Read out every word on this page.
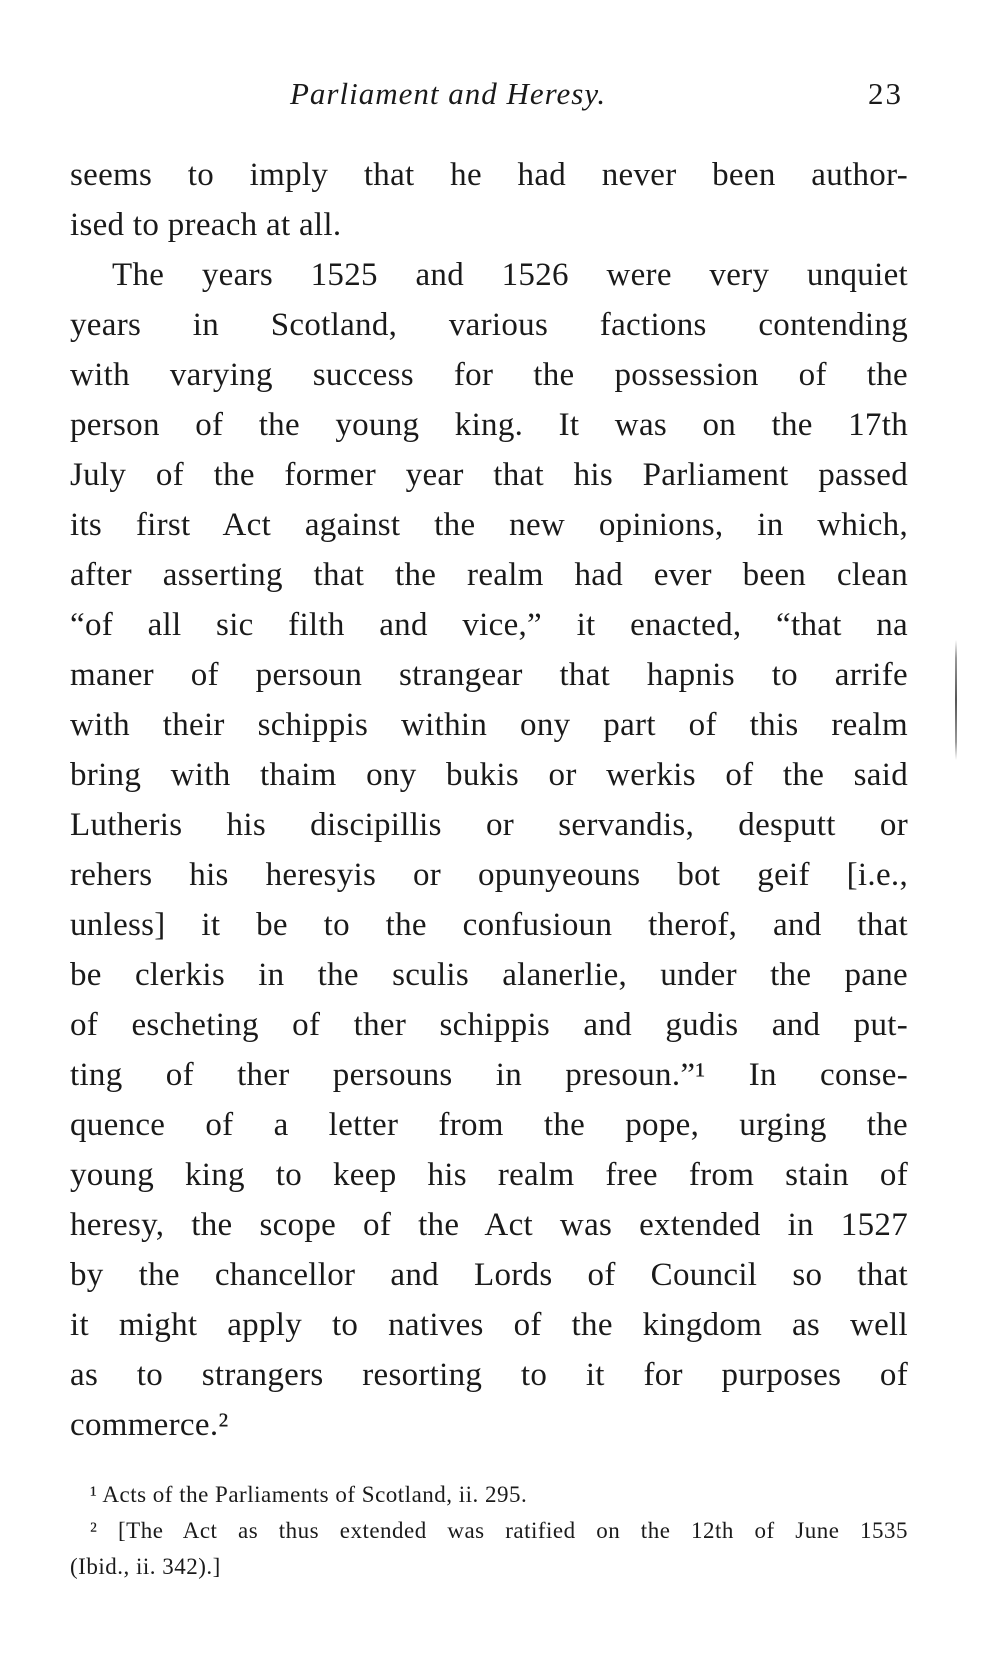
Parliament and Heresy.	23
seems to imply that he had never been author-
ised to preach at all.
The years 1525 and 1526 were very unquiet
years in Scotland, various factions contending
with varying success for the possession of the
person of the young king. It was on the 17th
July of the former year that his Parliament passed
its first Act against the new opinions, in which,
after asserting that the realm had ever been clean
“of all sic filth and vice,” it enacted, “that na
maner of persoun strangear that hapnis to arrife
with their schippis within ony part of this realm
bring with thaim ony bukis or werkis of the said
Lutheris his discipillis or servandis, desputt or
rehers his heresyis or opunyeouns bot geif [i.e.,
unless] it be to the confusioun therof, and that
be clerkis in the sculis alanerlie, under the pane
of escheting of ther schippis and gudis and put-
ting of ther persouns in presoun.”¹ In conse-
quence of a letter from the pope, urging the
young king to keep his realm free from stain of
heresy, the scope of the Act was extended in 1527
by the chancellor and Lords of Council so that
it might apply to natives of the kingdom as well
as to strangers resorting to it for purposes of
commerce.²
¹ Acts of the Parliaments of Scotland, ii. 295.
² [The Act as thus extended was ratified on the 12th of June 1535
(Ibid., ii. 342).]
